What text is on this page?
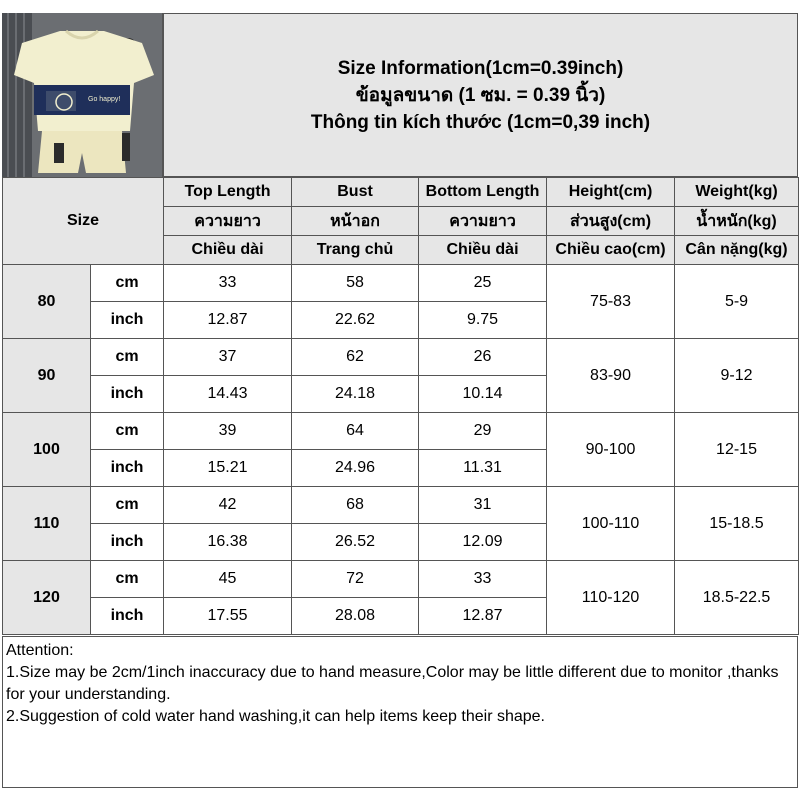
Go happy!
Size Information(1cm=0.39inch)
ข้อมูลขนาด (1 ซม. = 0.39 นิ้ว)
Thông tin kích thước (1cm=0,39 inch)
Size		Top Length	Bust	Bottom Length	Height(cm)	Weight(kg)
		ความยาว	หน้าอก	ความยาว	ส่วนสูง(cm)	น้ำหนัก(kg)
		Chiều dài	Trang chủ	Chiều dài	Chiều cao(cm)	Cân nặng(kg)
80	cm	33	58	25	75-83	5-9
	inch	12.87	22.62	9.75		
90	cm	37	62	26	83-90	9-12
	inch	14.43	24.18	10.14		
100	cm	39	64	29	90-100	12-15
	inch	15.21	24.96	11.31		
110	cm	42	68	31	100-110	15-18.5
	inch	16.38	26.52	12.09		
120	cm	45	72	33	110-120	18.5-22.5
	inch	17.55	28.08	12.87		
Attention:
1.Size may be 2cm/1inch inaccuracy due to hand measure,Color may be little different due to monitor ,thanks for your understanding.
2.Suggestion of cold water hand washing,it can help items keep their shape.
